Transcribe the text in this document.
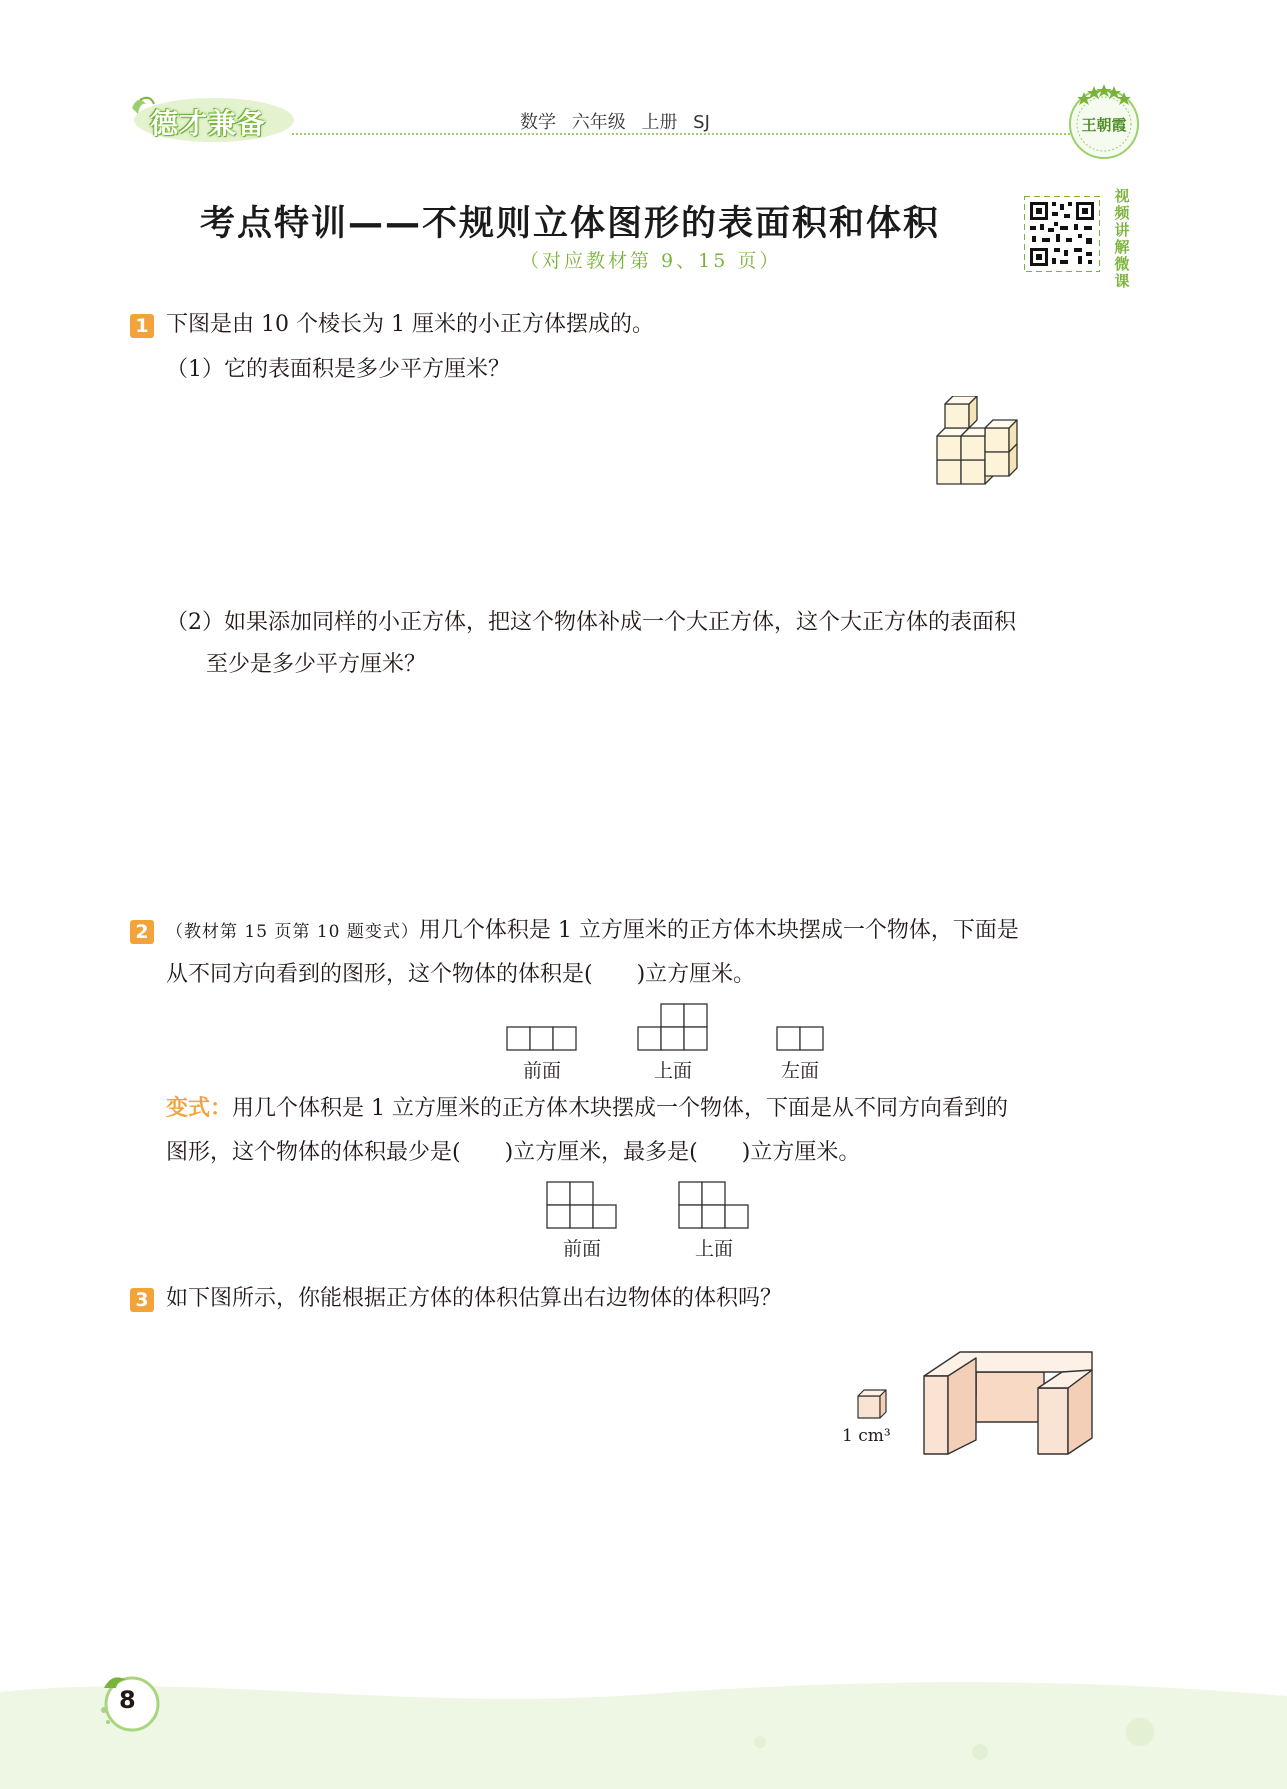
德才兼备	数学 六年级 上册 SJ	王朝霞
考点特训——不规则立体图形的表面积和体积
（对应教材第 9、15 页）
视频讲解微课
1 下图是由 10 个棱长为 1 厘米的小正方体摆成的。
（1）它的表面积是多少平方厘米？
（2）如果添加同样的小正方体，把这个物体补成一个大正方体，这个大正方体的表面积
至少是多少平方厘米？
2	（教材第 15 页第 10 题变式）用几个体积是 1 立方厘米的正方体木块摆成一个物体，下面是
从不同方向看到的图形，这个物体的体积是(　　)立方厘米。
前面	上面	左面
变式：用几个体积是 1 立方厘米的正方体木块摆成一个物体，下面是从不同方向看到的
图形，这个物体的体积最少是(　　)立方厘米，最多是(　　)立方厘米。
前面	上面
3 如下图所示，你能根据正方体的体积估算出右边物体的体积吗？
1 cm³
8
